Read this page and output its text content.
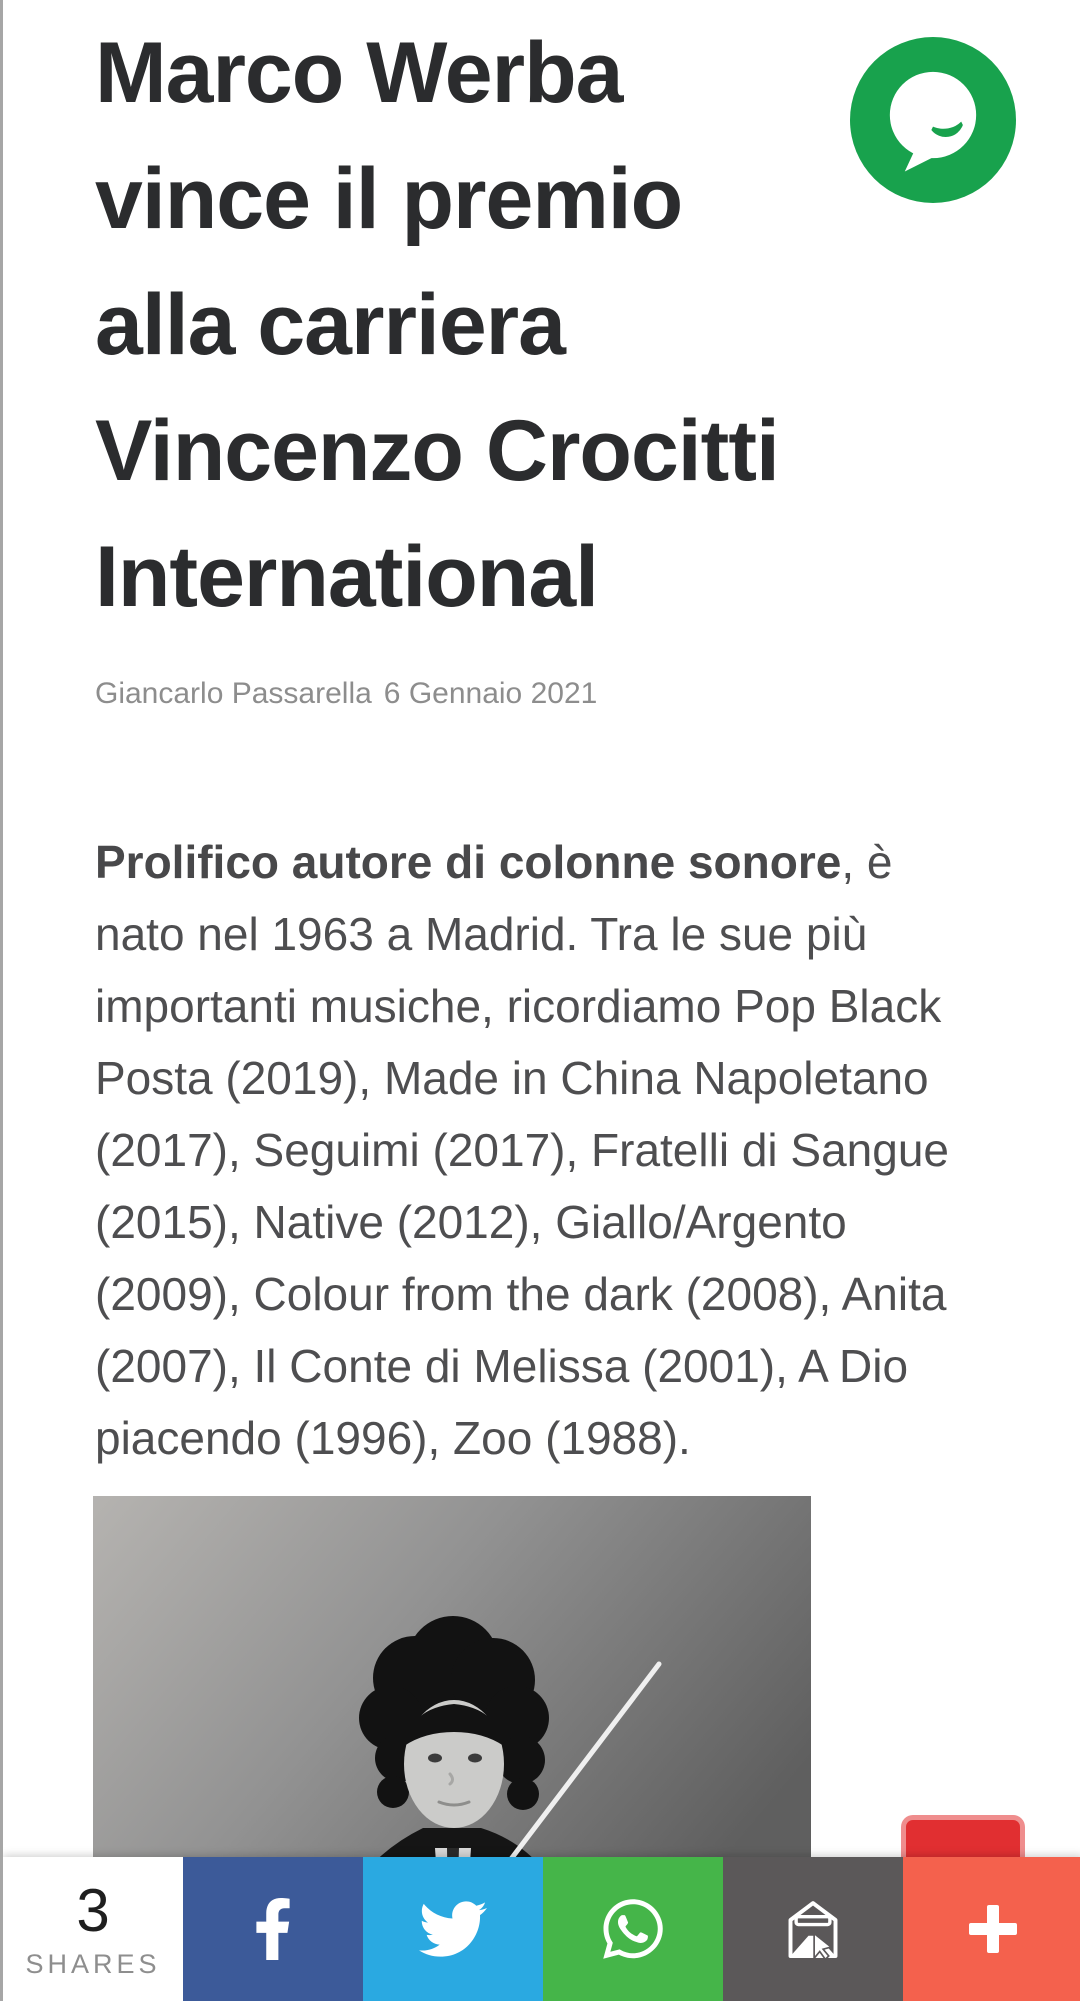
Marco Werba
vince il premio
alla carriera
Vincenzo Crocitti
International
Giancarlo Passarella 6 Gennaio 2021

Prolifico autore di colonne sonore, è nato nel 1963 a Madrid. Tra le sue più importanti musiche, ricordiamo Pop Black Posta (2019), Made in China Napoletano (2017), Seguimi (2017), Fratelli di Sangue (2015), Native (2012), Giallo/Argento (2009), Colour from the dark (2008), Anita (2007), Il Conte di Melissa (2001), A Dio piacendo (1996), Zoo (1988).

3
SHARES
